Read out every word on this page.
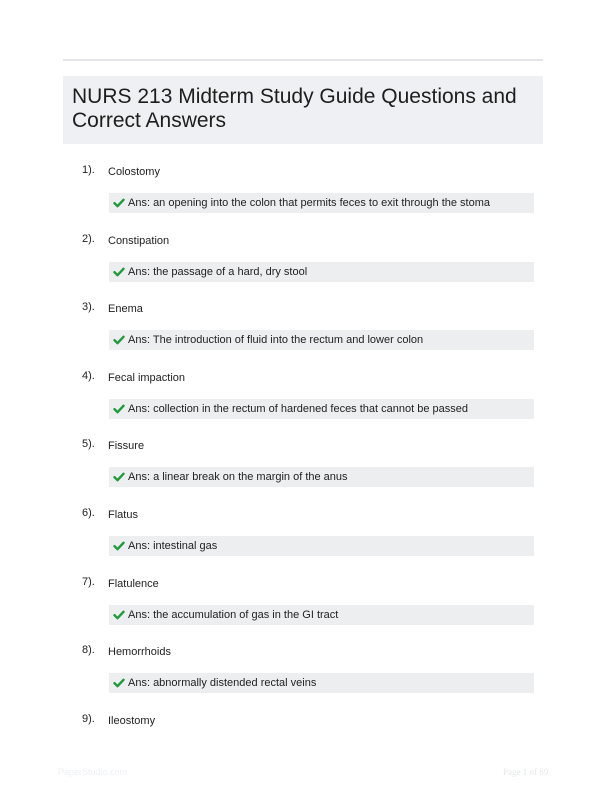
NURS 213 Midterm Study Guide Questions and Correct Answers
1). Colostomy
Ans: an opening into the colon that permits feces to exit through the stoma
2). Constipation
Ans: the passage of a hard, dry stool
3). Enema
Ans: The introduction of fluid into the rectum and lower colon
4). Fecal impaction
Ans: collection in the rectum of hardened feces that cannot be passed
5). Fissure
Ans: a linear break on the margin of the anus
6). Flatus
Ans: intestinal gas
7). Flatulence
Ans: the accumulation of gas in the GI tract
8). Hemorrhoids
Ans: abnormally distended rectal veins
9). Ileostomy
PaperStudio.com	Page 1 of 69
